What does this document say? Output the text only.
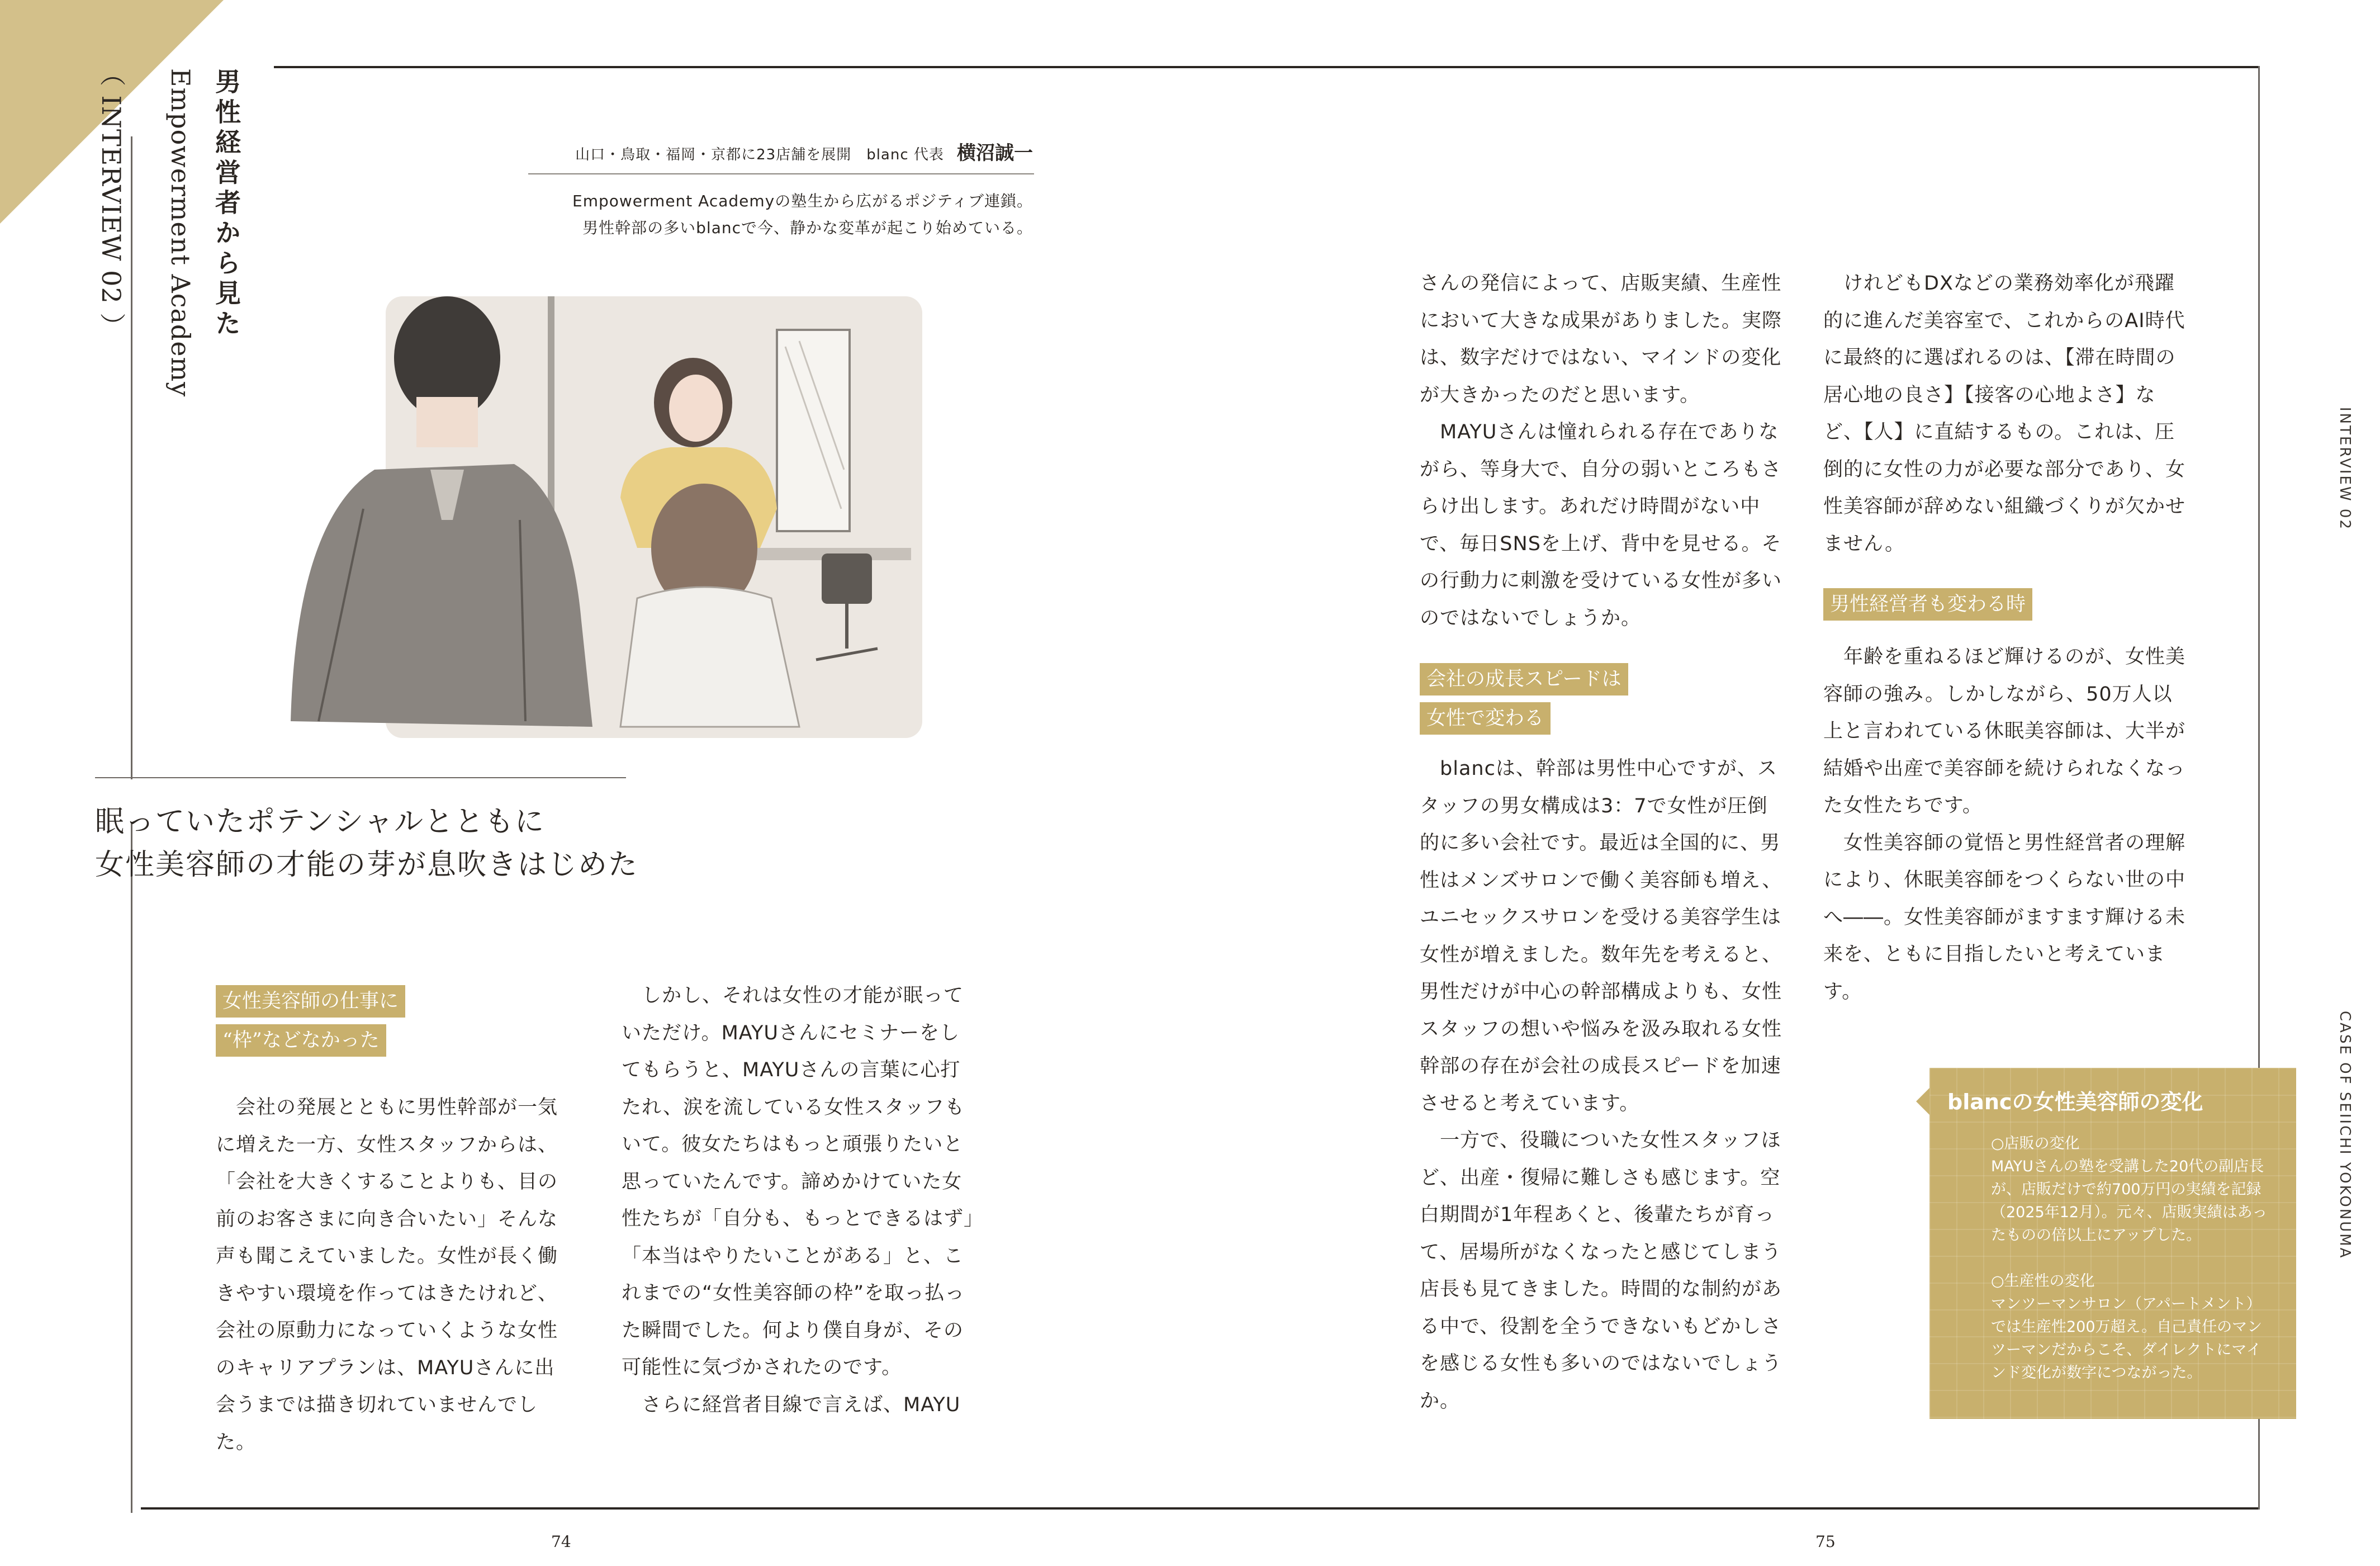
男性経営者から見た
Empowerment Academy
（ INTERVIEW 02 ）	山口・鳥取・福岡・京都に23店舗を展開　blanc 代表 横沼誠一
Empowerment Academyの塾生から広がるポジティブ連鎖。
男性幹部の多いblancで今、静かな変革が起こり始めている。
眠っていたポテンシャルとともに
女性美容師の才能の芽が息吹きはじめた
女性美容師の仕事に
“枠”などなかった

　会社の発展とともに男性幹部が一気に増えた一方、女性スタッフからは、「会社を大きくすることよりも、目の前のお客さまに向き合いたい」そんな声も聞こえていました。女性が長く働きやすい環境を作ってはきたけれど、会社の原動力になっていくような女性のキャリアプランは、MAYUさんに出会うまでは描き切れていませんでした。

　しかし、それは女性の才能が眠っていただけ。MAYUさんにセミナーをしてもらうと、MAYUさんの言葉に心打たれ、涙を流している女性スタッフもいて。彼女たちはもっと頑張りたいと思っていたんです。諦めかけていた女性たちが「自分も、もっとできるはず」「本当はやりたいことがある」と、これまでの“女性美容師の枠”を取っ払った瞬間でした。何より僕自身が、その可能性に気づかされたのです。

　さらに経営者目線で言えば、MAYU

さんの発信によって、店販実績、生産性において大きな成果がありました。実際は、数字だけではない、マインドの変化が大きかったのだと思います。

　MAYUさんは憧れられる存在でありながら、等身大で、自分の弱いところもさらけ出します。あれだけ時間がない中で、毎日SNSを上げ、背中を見せる。その行動力に刺激を受けている女性が多いのではないでしょうか。

会社の成長スピードは
女性で変わる

　blancは、幹部は男性中心ですが、スタッフの男女構成は3：7で女性が圧倒的に多い会社です。最近は全国的に、男性はメンズサロンで働く美容師も増え、ユニセックスサロンを受ける美容学生は女性が増えました。数年先を考えると、男性だけが中心の幹部構成よりも、女性スタッフの想いや悩みを汲み取れる女性幹部の存在が会社の成長スピードを加速させると考えています。

　一方で、役職についた女性スタッフほど、出産・復帰に難しさも感じます。空白期間が1年程あくと、後輩たちが育って、居場所がなくなったと感じてしまう店長も見てきました。時間的な制約がある中で、役割を全うできないもどかしさを感じる女性も多いのではないでしょうか。

　けれどもDXなどの業務効率化が飛躍的に進んだ美容室で、これからのAI時代に最終的に選ばれるのは、【滞在時間の居心地の良さ】【接客の心地よさ】など、【人】に直結するもの。これは、圧倒的に女性の力が必要な部分であり、女性美容師が辞めない組織づくりが欠かせません。

男性経営者も変わる時

　年齢を重ねるほど輝けるのが、女性美容師の強み。しかしながら、50万人以上と言われている休眠美容師は、大半が結婚や出産で美容師を続けられなくなった女性たちです。

　女性美容師の覚悟と男性経営者の理解により、休眠美容師をつくらない世の中へ――。女性美容師がますます輝ける未来を、ともに目指したいと考えています。

blancの女性美容師の変化

○店販の変化

MAYUさんの塾を受講した20代の副店長が、店販だけで約700万円の実績を記録（2025年12月）。元々、店販実績はあったものの倍以上にアップした。

○生産性の変化

マンツーマンサロン（アパートメント）では生産性200万超え。自己責任のマンツーマンだからこそ、ダイレクトにマインド変化が数字につながった。

INTERVIEW 02
CASE OF SEIICHI YOKONUMA
74	75
